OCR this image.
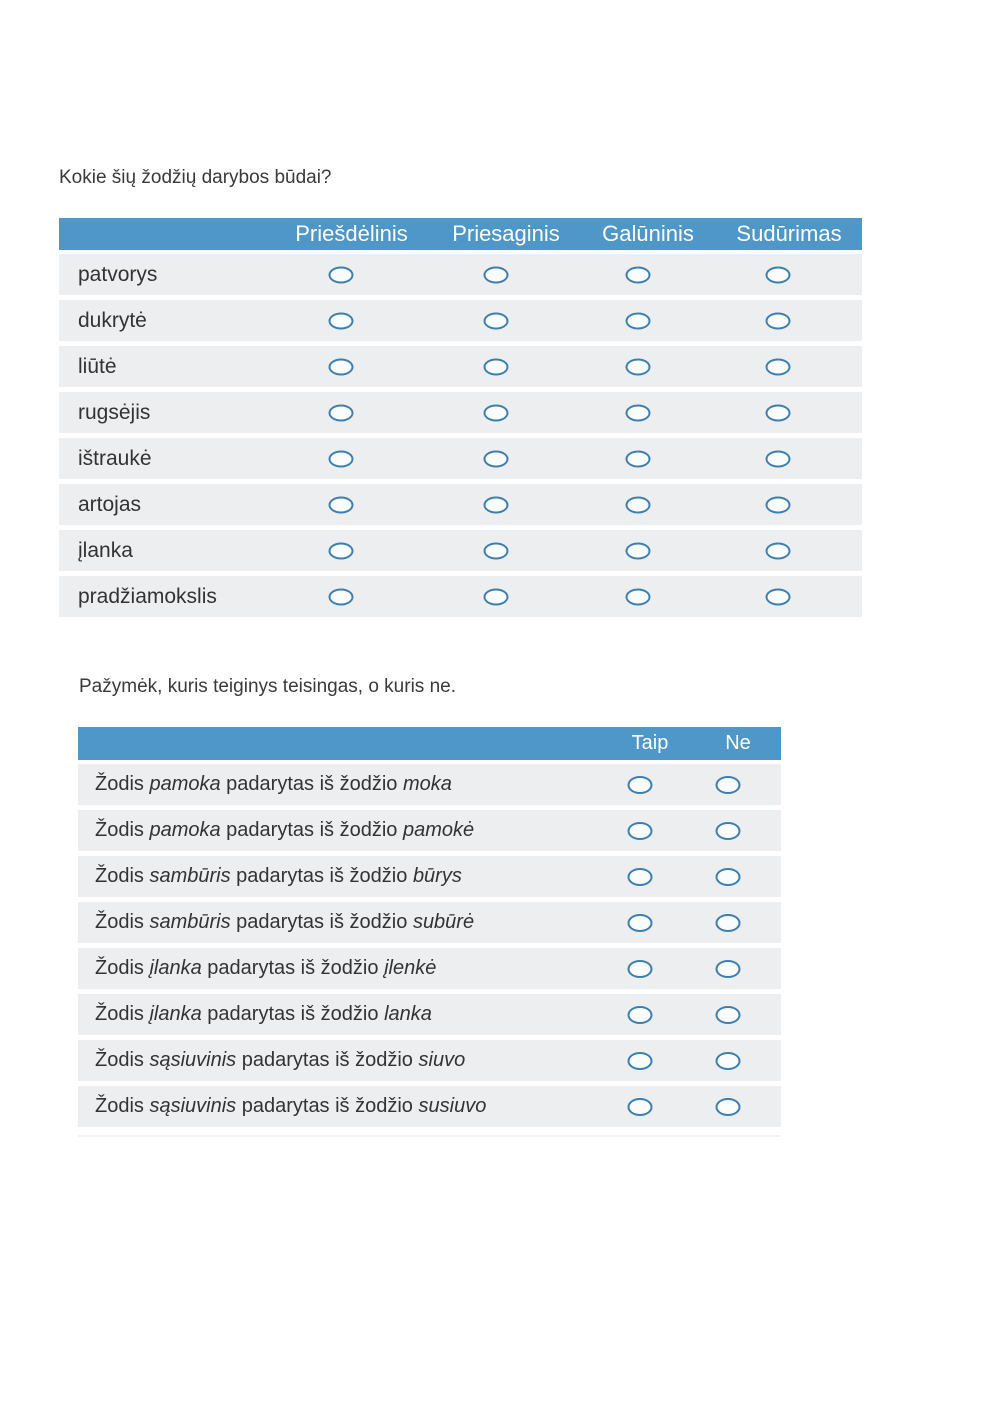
Kokie šių žodžių darybos būdai?

Priešdėlinis	Priesaginis	Galūninis	Sudūrimas
patvorys
dukrytė
liūtė
rugsėjis
ištraukė
artojas
įlanka
pradžiamokslis

Pažymėk, kuris teiginys teisingas, o kuris ne.

Taip	Ne
Žodis pamoka padarytas iš žodžio moka
Žodis pamoka padarytas iš žodžio pamokė
Žodis sambūris padarytas iš žodžio būrys
Žodis sambūris padarytas iš žodžio subūrė
Žodis įlanka padarytas iš žodžio įlenkė
Žodis įlanka padarytas iš žodžio lanka
Žodis sąsiuvinis padarytas iš žodžio siuvo
Žodis sąsiuvinis padarytas iš žodžio susiuvo
